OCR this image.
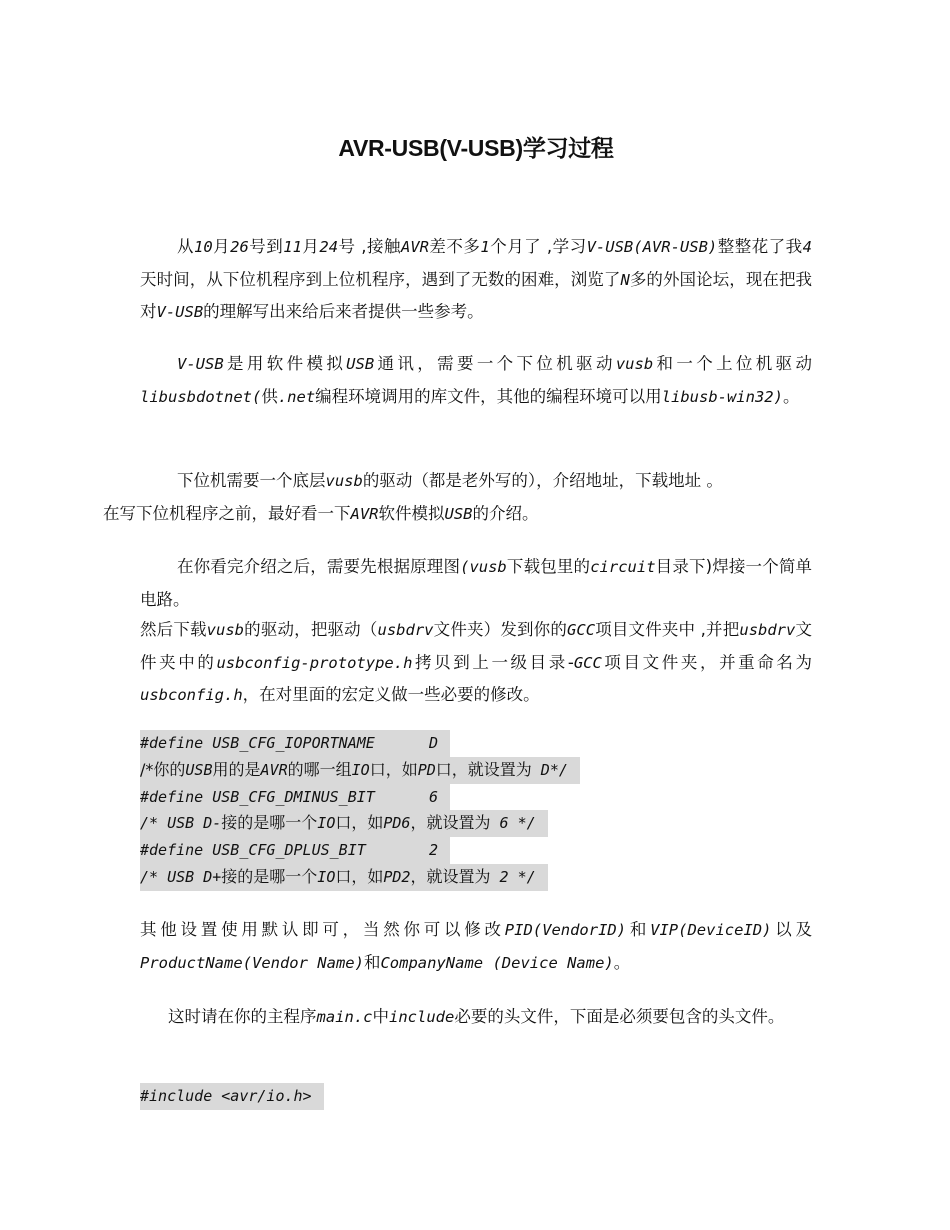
AVR-USB(V-USB)学习过程
从10月26号到11月24号 ,接触AVR差不多1个月了 ,学习V-USB(AVR-USB)整整花了我4天时间，从下位机程序到上位机程序，遇到了无数的困难，浏览了N多的外国论坛，现在把我对V-USB的理解写出来给后来者提供一些参考。
V-USB是用软件模拟USB通讯，需要一个下位机驱动vusb和一个上位机驱动libusbdotnet(供.net编程环境调用的库文件，其他的编程环境可以用libusb-win32)。
下位机需要一个底层vusb的驱动（都是老外写的），介绍地址，下载地址 。
在写下位机程序之前，最好看一下AVR软件模拟USB的介绍。
在你看完介绍之后，需要先根据原理图(vusb下载包里的circuit目录下)焊接一个简单电路。
然后下载vusb的驱动，把驱动（usbdrv文件夹）发到你的GCC项目文件夹中 ,并把usbdrv文件夹中的usbconfig-prototype.h拷贝到上一级目录-GCC项目文件夹，并重命名为usbconfig.h，在对里面的宏定义做一些必要的修改。
#define USB_CFG_IOPORTNAME      D
/*你的USB用的是AVR的哪一组IO口，如PD口，就设置为 D*/
#define USB_CFG_DMINUS_BIT      6
/* USB D-接的是哪一个IO口，如PD6，就设置为 6 */
#define USB_CFG_DPLUS_BIT       2
/* USB D+接的是哪一个IO口，如PD2，就设置为 2 */
其他设置使用默认即可，当然你可以修改PID(VendorID)和VIP(DeviceID)以及ProductName(Vendor Name)和CompanyName (Device Name)。
这时请在你的主程序main.c中include必要的头文件，下面是必须要包含的头文件。
#include <avr/io.h>
